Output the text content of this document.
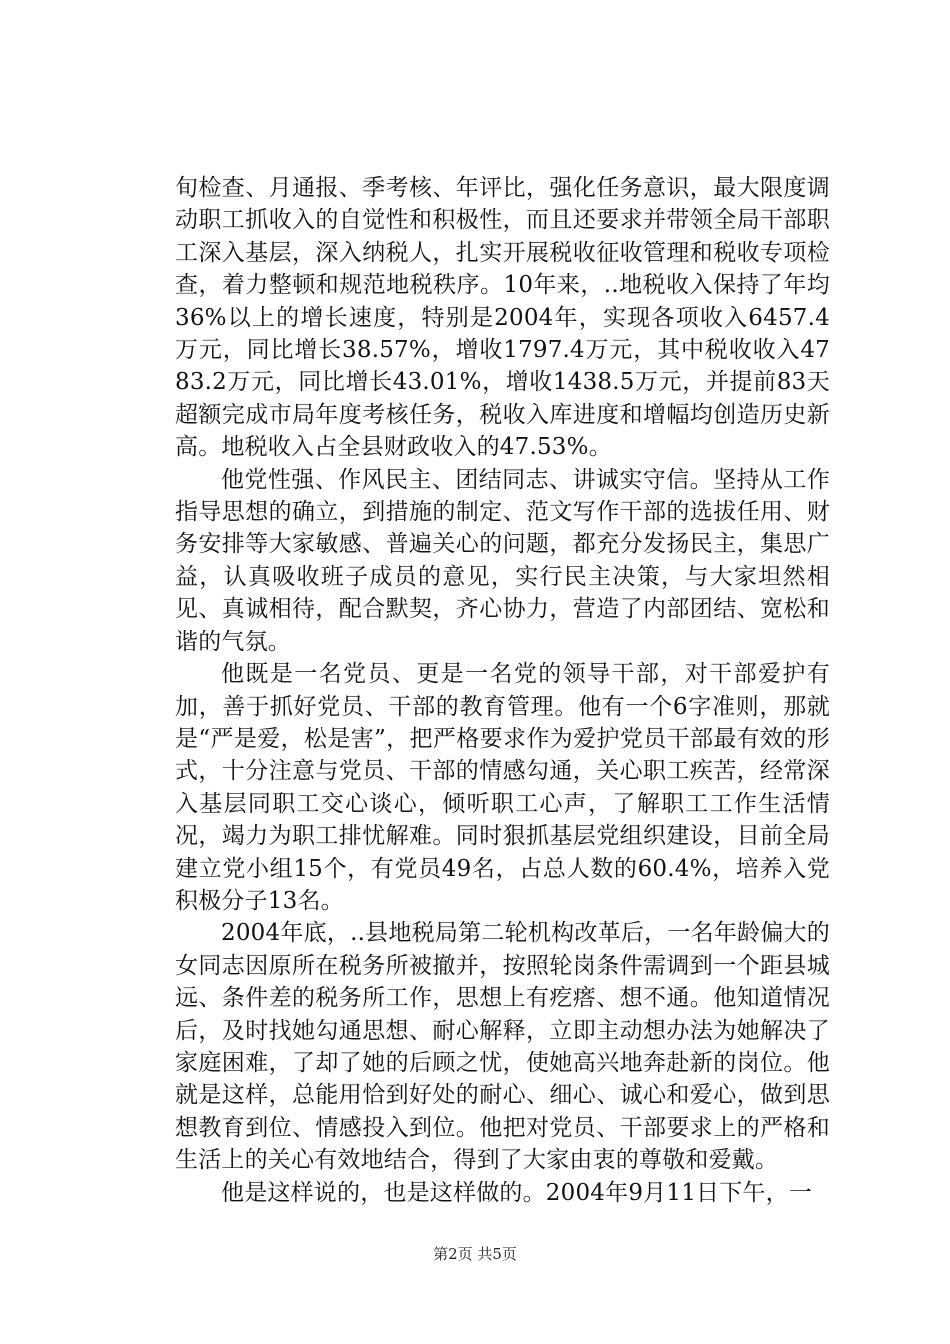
旬检查、月通报、季考核、年评比，强化任务意识，最大限度调动职工抓收入的自觉性和积极性，而且还要求并带领全局干部职工深入基层，深入纳税人，扎实开展税收征收管理和税收专项检查，着力整顿和规范地税秩序。10年来，..地税收入保持了年均36%以上的增长速度，特别是2004年，实现各项收入6457.4万元，同比增长38.57%，增收1797.4万元，其中税收收入4783.2万元，同比增长43.01%，增收1438.5万元，并提前83天超额完成市局年度考核任务，税收入库进度和增幅均创造历史新高。地税收入占全县财政收入的47.53%。

他党性强、作风民主、团结同志、讲诚实守信。坚持从工作指导思想的确立，到措施的制定、范文写作干部的选拔任用、财务安排等大家敏感、普遍关心的问题，都充分发扬民主，集思广益，认真吸收班子成员的意见，实行民主决策，与大家坦然相见、真诚相待，配合默契，齐心协力，营造了内部团结、宽松和谐的气氛。

他既是一名党员、更是一名党的领导干部，对干部爱护有加，善于抓好党员、干部的教育管理。他有一个6字准则，那就是“严是爱，松是害”，把严格要求作为爱护党员干部最有效的形式，十分注意与党员、干部的情感勾通，关心职工疾苦，经常深入基层同职工交心谈心，倾听职工心声，了解职工工作生活情况，竭力为职工排忧解难。同时狠抓基层党组织建设，目前全局建立党小组15个，有党员49名，占总人数的60.4%，培养入党积极分子13名。

2004年底，..县地税局第二轮机构改革后，一名年龄偏大的女同志因原所在税务所被撤并，按照轮岗条件需调到一个距县城远、条件差的税务所工作，思想上有疙瘩、想不通。他知道情况后，及时找她勾通思想、耐心解释，立即主动想办法为她解决了家庭困难，了却了她的后顾之忧，使她高兴地奔赴新的岗位。他就是这样，总能用恰到好处的耐心、细心、诚心和爱心，做到思想教育到位、情感投入到位。他把对党员、干部要求上的严格和生活上的关心有效地结合，得到了大家由衷的尊敬和爱戴。

他是这样说的，也是这样做的。2004年9月11日下午，一

第2页 共5页
